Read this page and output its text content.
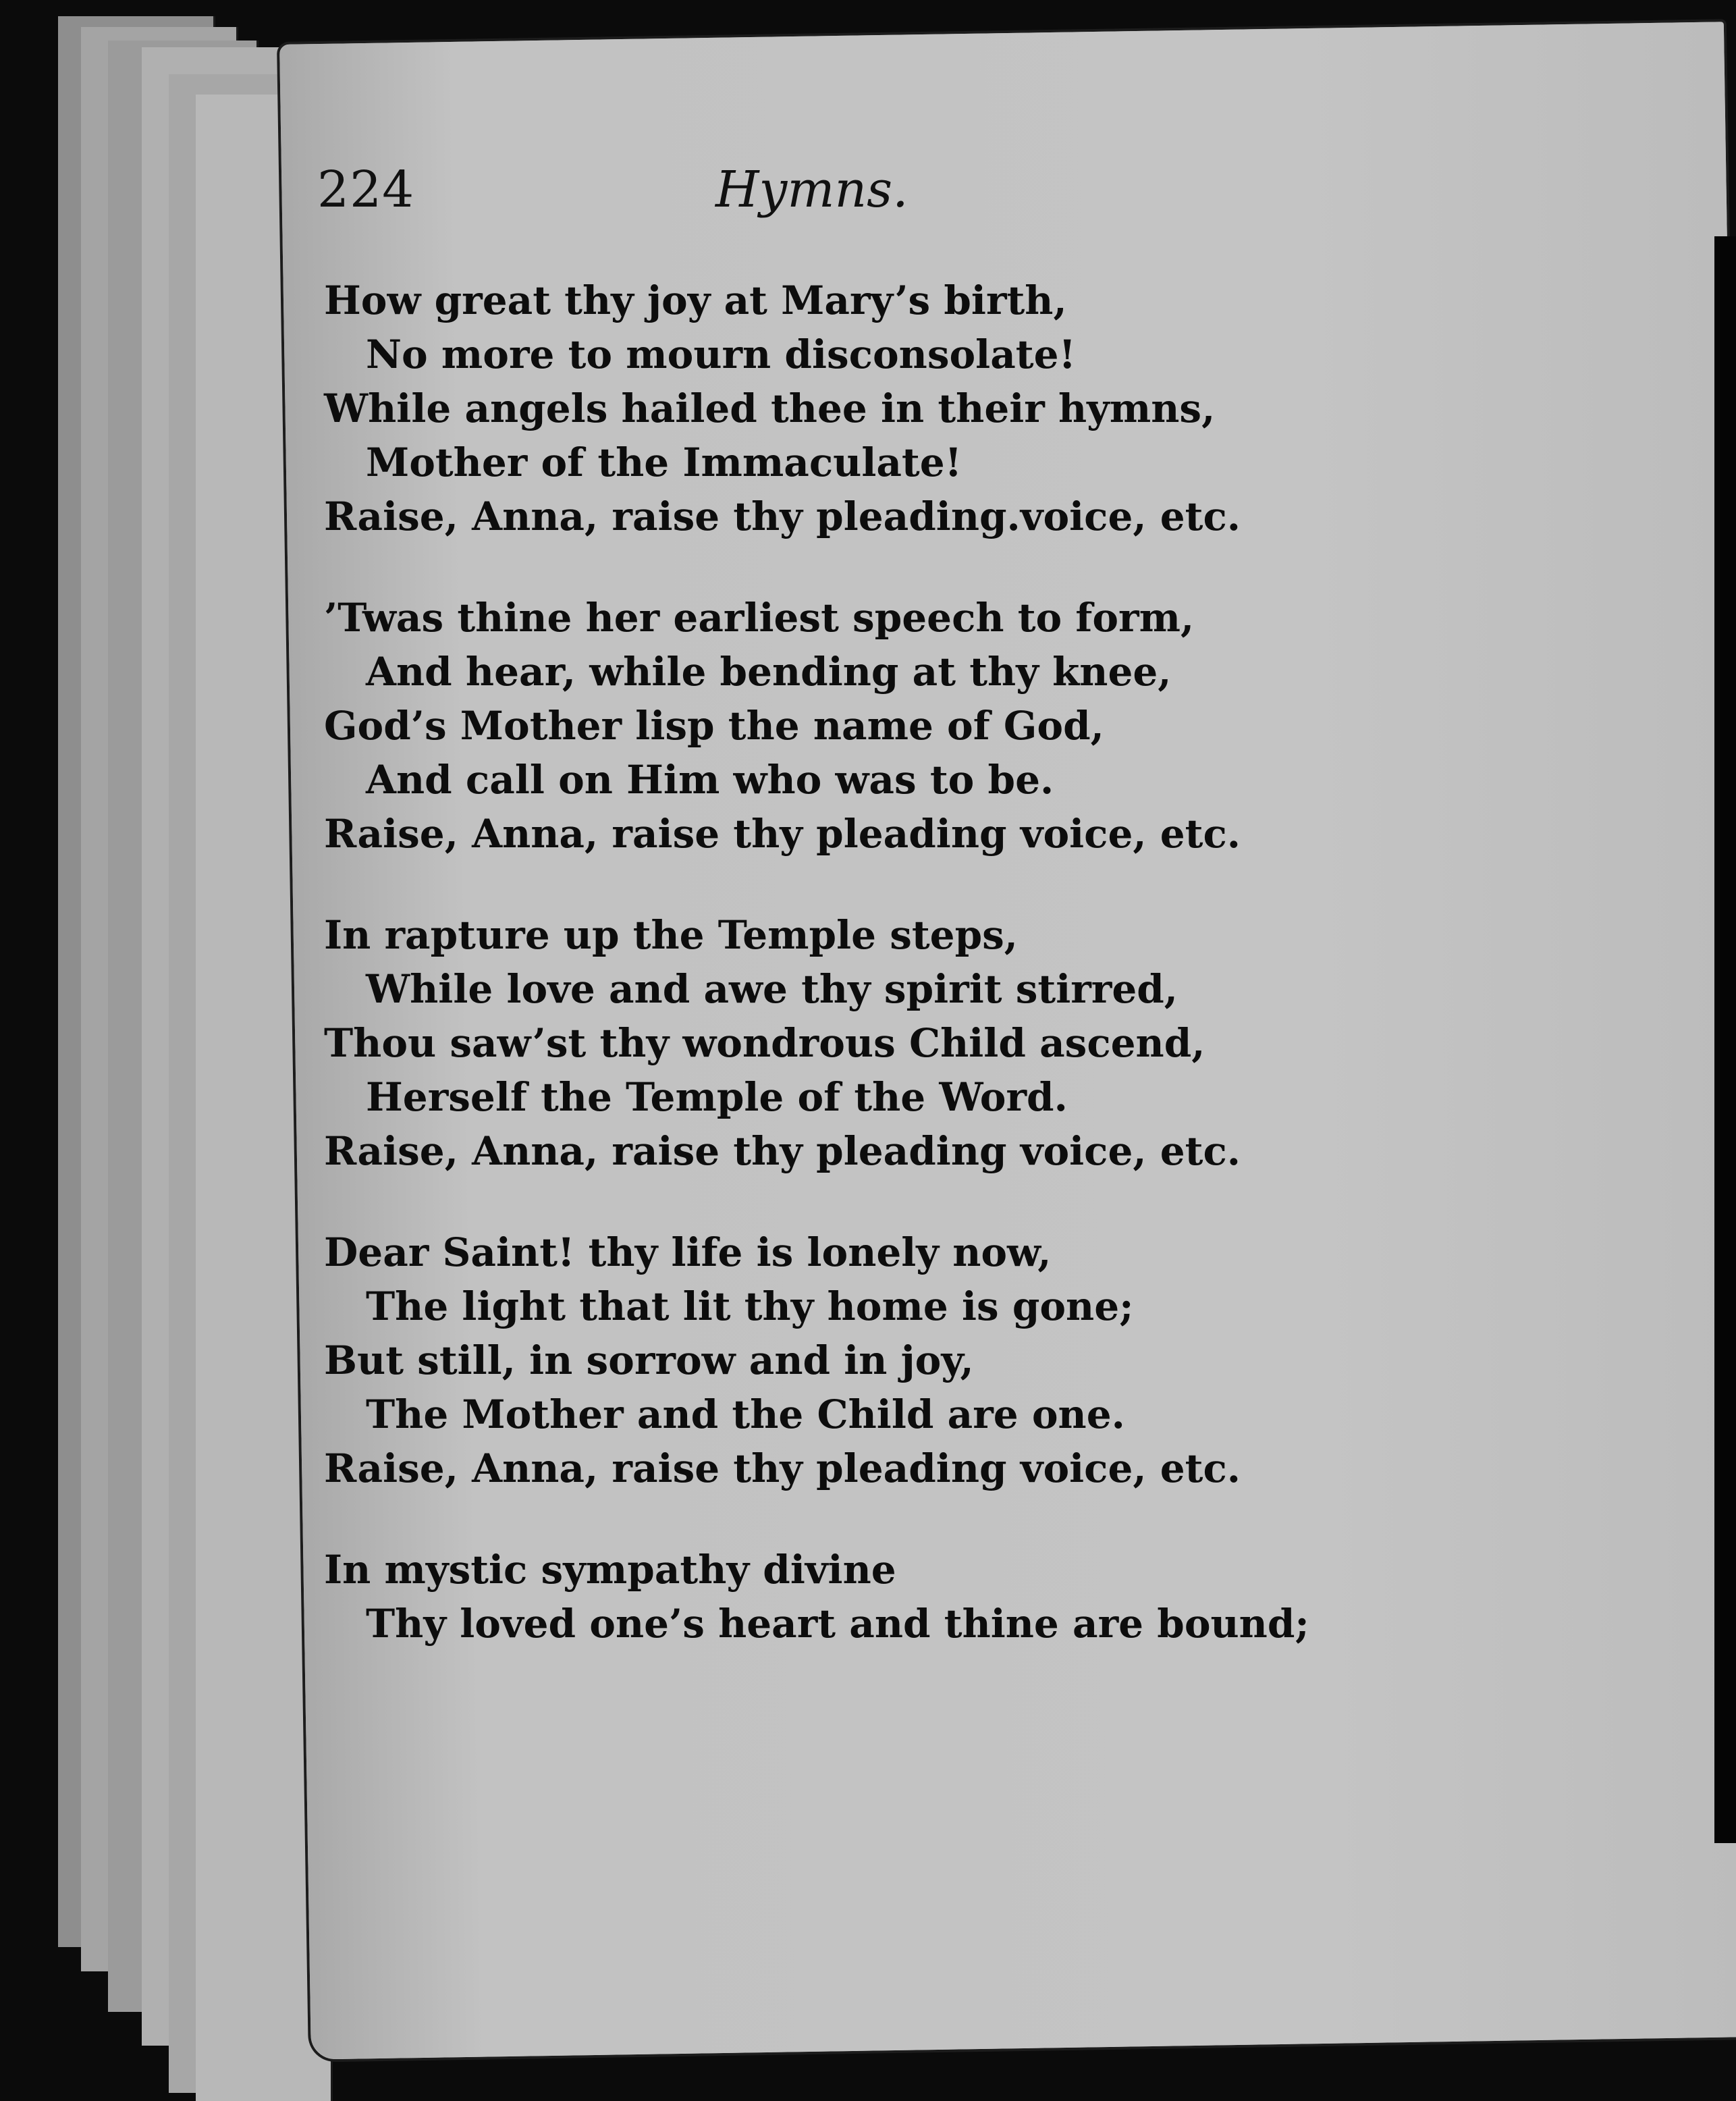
224	Hymns.
How great thy joy at Mary’s birth,
No more to mourn disconsolate!
While angels hailed thee in their hymns,
Mother of the Immaculate!
Raise, Anna, raise thy pleading.voice, etc.
’Twas thine her earliest speech to form,
And hear, while bending at thy knee,
God’s Mother lisp the name of God,
And call on Him who was to be.
Raise, Anna, raise thy pleading voice, etc.
In rapture up the Temple steps,
While love and awe thy spirit stirred,
Thou saw’st thy wondrous Child ascend,
Herself the Temple of the Word.
Raise, Anna, raise thy pleading voice, etc.
Dear Saint! thy life is lonely now,
The light that lit thy home is gone;
But still, in sorrow and in joy,
The Mother and the Child are one.
Raise, Anna, raise thy pleading voice, etc.
In mystic sympathy divine
Thy loved one’s heart and thine are bound;
